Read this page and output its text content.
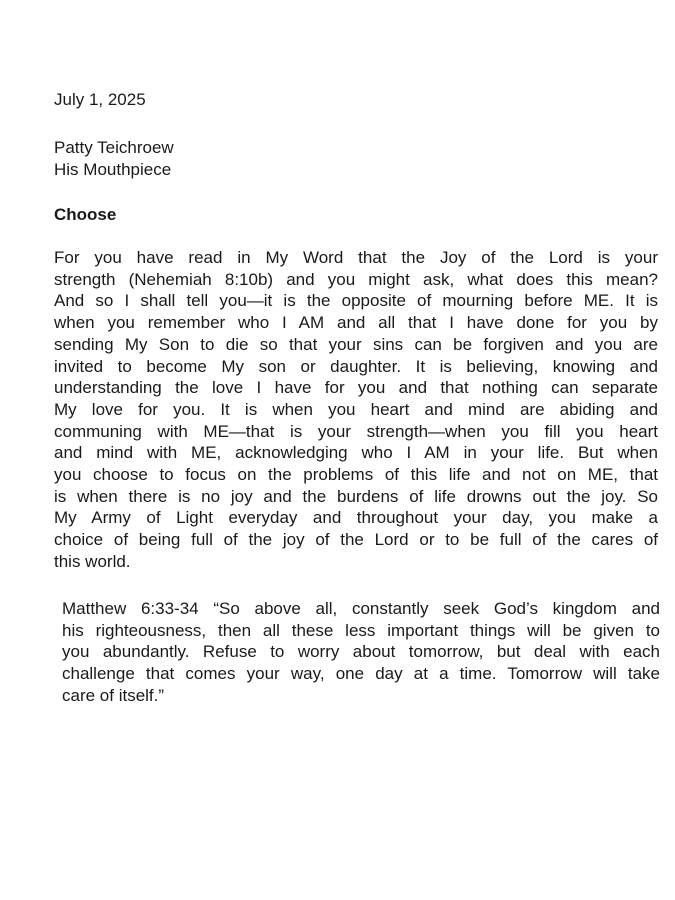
July 1, 2025

Patty Teichroew
His Mouthpiece

Choose
For you have read in My Word that the Joy of the Lord is your
strength (Nehemiah 8:10b) and you might ask, what does this mean?
And so I shall tell you—it is the opposite of mourning before ME. It is
when you remember who I AM and all that I have done for you by
sending My Son to die so that your sins can be forgiven and you are
invited to become My son or daughter. It is believing, knowing and
understanding the love I have for you and that nothing can separate
My love for you. It is when you heart and mind are abiding and
communing with ME—that is your strength—when you fill you heart
and mind with ME, acknowledging who I AM in your life. But when
you choose to focus on the problems of this life and not on ME, that
is when there is no joy and the burdens of life drowns out the joy. So
My Army of Light everyday and throughout your day, you make a
choice of being full of the joy of the Lord or to be full of the cares of
this world.
Matthew 6:33-34 “So above all, constantly seek God’s kingdom and
his righteousness, then all these less important things will be given to
you abundantly. Refuse to worry about tomorrow, but deal with each
challenge that comes your way, one day at a time. Tomorrow will take
care of itself.”
